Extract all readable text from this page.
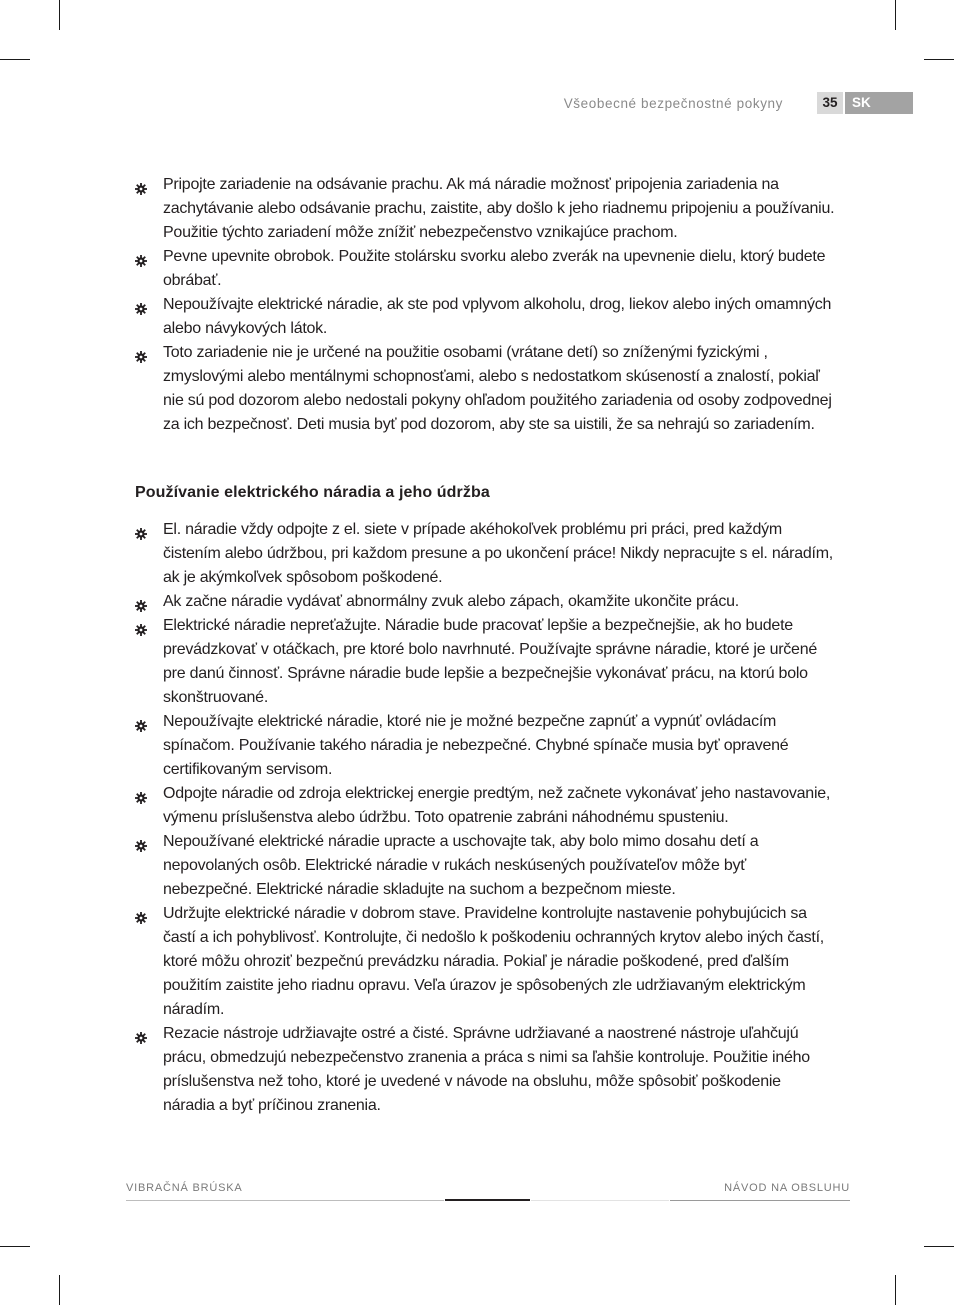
Všeobecné bezpečnostné pokyny	35	SK
Pripojte zariadenie na odsávanie prachu. Ak má náradie možnosť pripojenia zariadenia na zachytávanie alebo odsávanie prachu, zaistite, aby došlo k jeho riadnemu pripojeniu a používaniu. Použitie týchto zariadení môže znížiť nebezpečenstvo vznikajúce prachom.
Pevne upevnite obrobok. Použite stolársku svorku alebo zverák na upevnenie dielu, ktorý budete obrábať.
Nepoužívajte elektrické náradie, ak ste pod vplyvom alkoholu, drog, liekov alebo iných omamných alebo návykových látok.
Toto zariadenie nie je určené na použitie osobami (vrátane detí) so zníženými fyzickými , zmyslovými alebo mentálnymi schopnosťami, alebo s nedostatkom skúseností a znalostí, pokiaľ nie sú pod dozorom alebo nedostali pokyny ohľadom použitého zariadenia od osoby zodpovednej za ich bezpečnosť. Deti musia byť pod dozorom, aby ste sa uistili, že sa nehrajú so zariadením.
Používanie elektrického náradia a jeho údržba
El. náradie vždy odpojte z el. siete v prípade akéhokoľvek problému pri práci, pred každým čistením alebo údržbou, pri každom presune a po ukončení práce! Nikdy nepracujte s el. náradím, ak je akýmkoľvek spôsobom poškodené.
Ak začne náradie vydávať abnormálny zvuk alebo zápach, okamžite ukončite prácu.
Elektrické náradie nepreťažujte. Náradie bude pracovať lepšie a bezpečnejšie, ak ho budete prevádzkovať v otáčkach, pre ktoré bolo navrhnuté. Používajte správne náradie, ktoré je určené pre danú činnosť. Správne náradie bude lepšie a bezpečnejšie vykonávať prácu, na ktorú bolo skonštruované.
Nepoužívajte elektrické náradie, ktoré nie je možné bezpečne zapnúť a vypnúť ovládacím spínačom. Používanie takého náradia je nebezpečné. Chybné spínače musia byť opravené certifikovaným servisom.
Odpojte náradie od zdroja elektrickej energie predtým, než začnete vykonávať jeho nastavovanie, výmenu príslušenstva alebo údržbu. Toto opatrenie zabráni náhodnému spusteniu.
Nepoužívané elektrické náradie upracte a uschovajte tak, aby bolo mimo dosahu detí a nepovolaných osôb. Elektrické náradie v rukách neskúsených používateľov môže byť nebezpečné. Elektrické náradie skladujte na suchom a bezpečnom mieste.
Udržujte elektrické náradie v dobrom stave. Pravidelne kontrolujte nastavenie pohybujúcich sa častí a ich pohyblivosť. Kontrolujte, či nedošlo k poškodeniu ochranných krytov alebo iných častí, ktoré môžu ohroziť bezpečnú prevádzku náradia. Pokiaľ je náradie poškodené, pred ďalším použitím zaistite jeho riadnu opravu. Veľa úrazov je spôsobených zle udržiavaným elektrickým náradím.
Rezacie nástroje udržiavajte ostré a čisté. Správne udržiavané a naostrené nástroje uľahčujú prácu, obmedzujú nebezpečenstvo zranenia a práca s nimi sa ľahšie kontroluje. Použitie iného príslušenstva než toho, ktoré je uvedené v návode na obsluhu, môže spôsobiť poškodenie náradia a byť príčinou zranenia.
VIBRAČNÁ BRÚSKA	NÁVOD NA OBSLUHU
